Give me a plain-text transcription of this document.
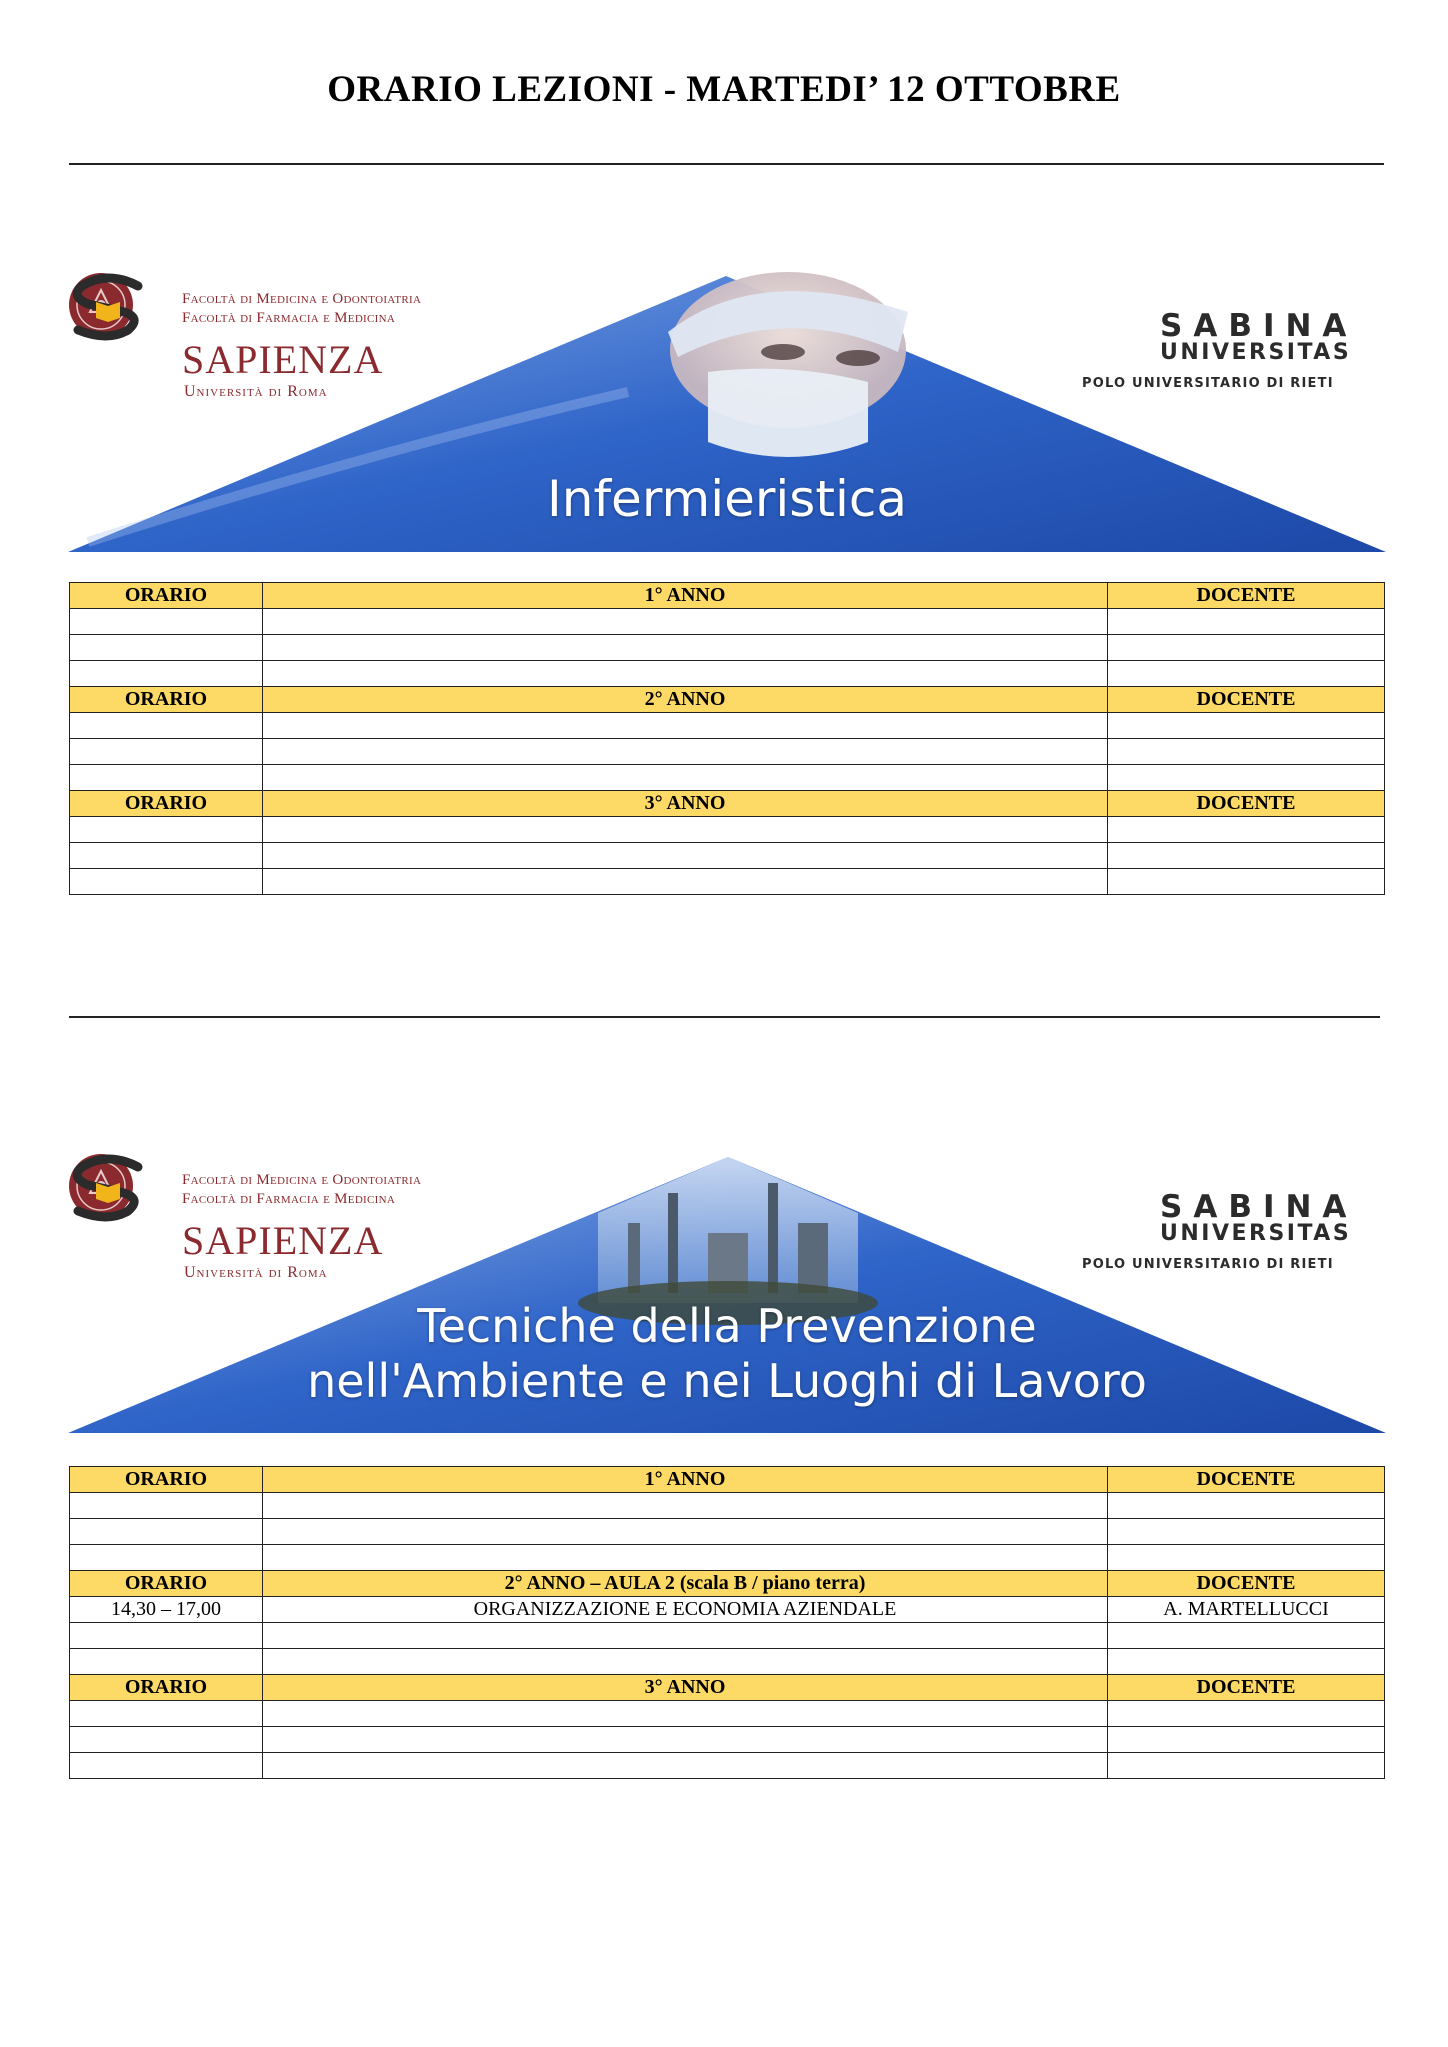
ORARIO LEZIONI - MARTEDI’ 12 OTTOBRE
Infermieristica
Facoltà di Medicina e Odontoiatria
Facoltà di Farmacia e Medicina
SAPIENZA
Università di Roma
SABINA
UNIVERSITAS
POLO UNIVERSITARIO DI RIETI
ORARIO	1° ANNO	DOCENTE

ORARIO	2° ANNO	DOCENTE

ORARIO	3° ANNO	DOCENTE

Tecniche della Prevenzione
nell'Ambiente e nei Luoghi di Lavoro
Facoltà di Medicina e Odontoiatria
Facoltà di Farmacia e Medicina
SAPIENZA
Università di Roma
SABINA
UNIVERSITAS
POLO UNIVERSITARIO DI RIETI
ORARIO	1° ANNO	DOCENTE

ORARIO	2° ANNO – AULA 2 (scala B / piano terra)	DOCENTE
14,30 – 17,00	ORGANIZZAZIONE E ECONOMIA AZIENDALE	A. MARTELLUCCI

ORARIO	3° ANNO	DOCENTE
